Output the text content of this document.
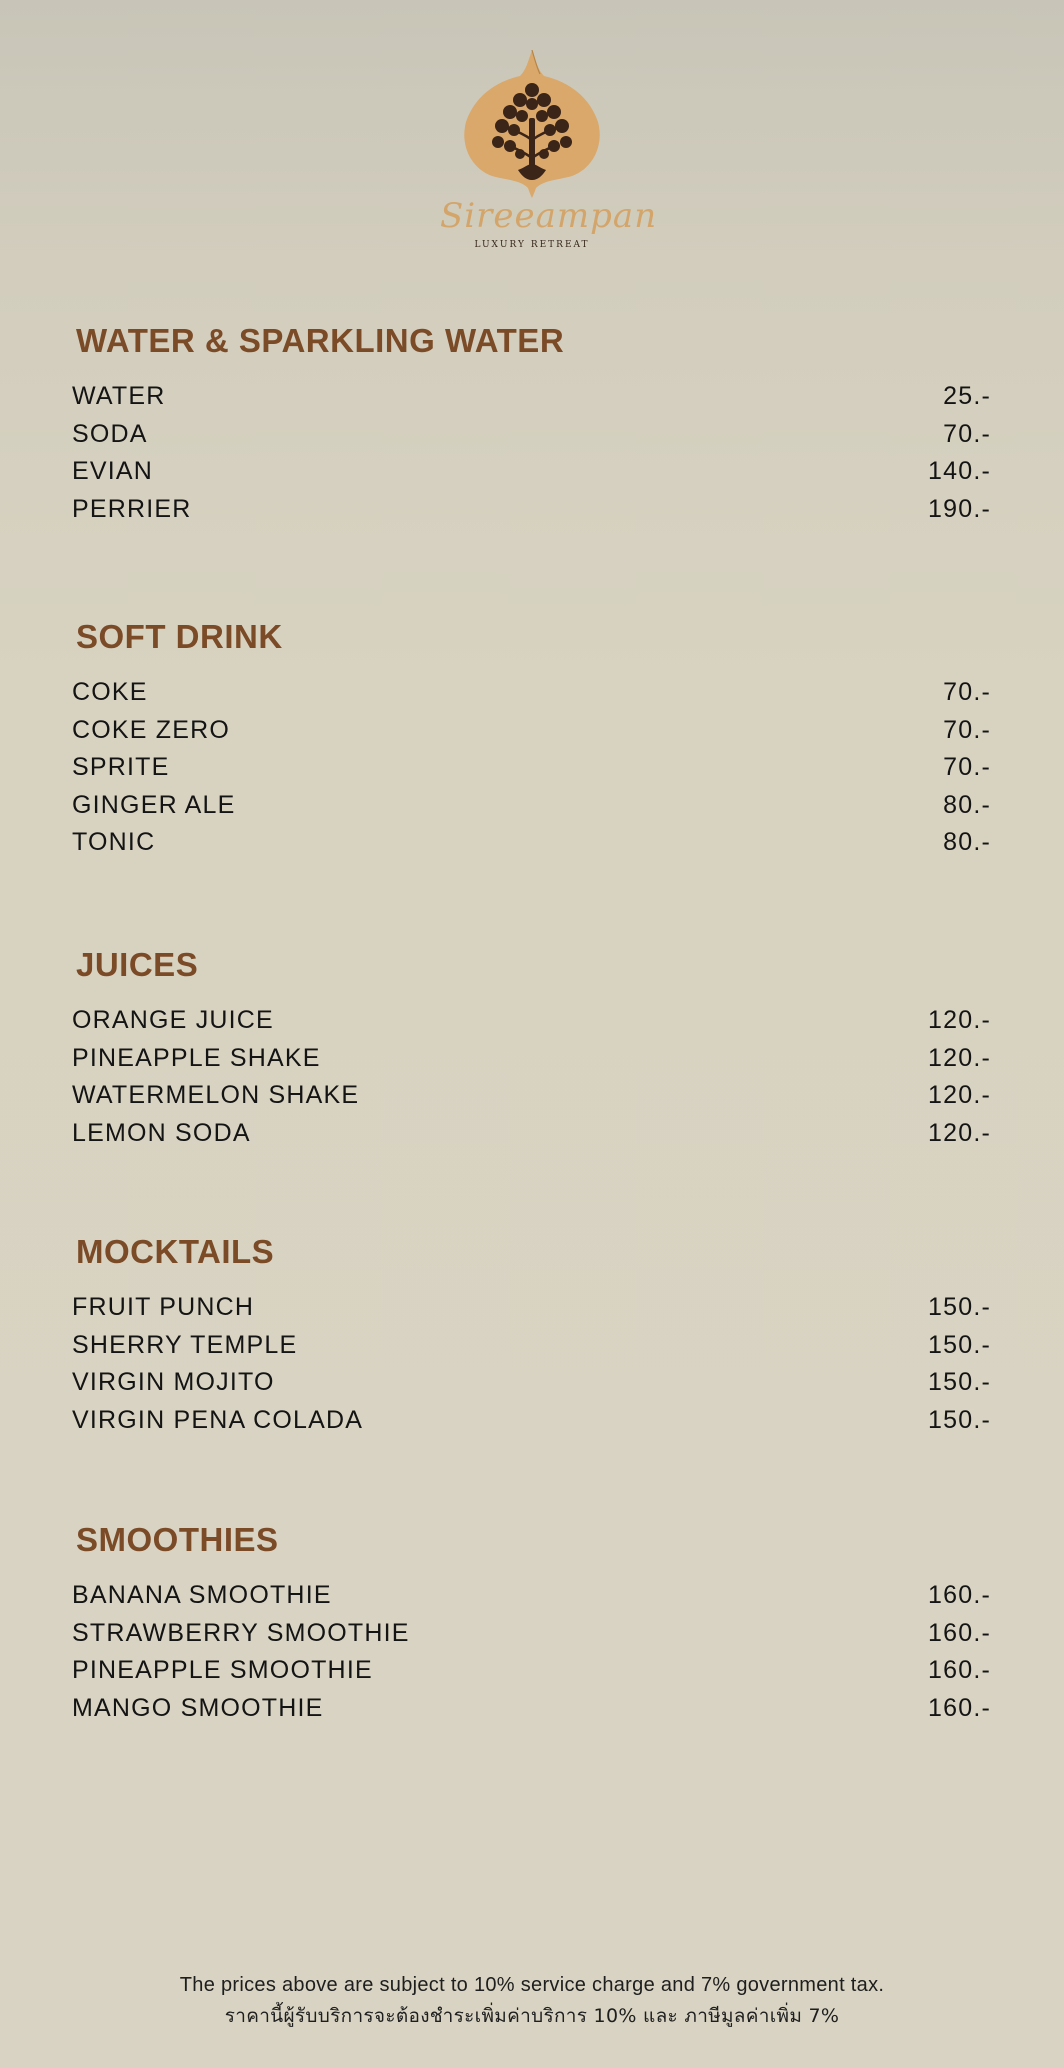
Sireeampan
LUXURY RETREAT
WATER & SPARKLING WATER
WATER	25.-
SODA	70.-
EVIAN	140.-
PERRIER	190.-
SOFT DRINK
COKE	70.-
COKE ZERO	70.-
SPRITE	70.-
GINGER ALE	80.-
TONIC	80.-
JUICES
ORANGE JUICE	120.-
PINEAPPLE SHAKE	120.-
WATERMELON SHAKE	120.-
LEMON SODA	120.-
MOCKTAILS
FRUIT PUNCH	150.-
SHERRY TEMPLE	150.-
VIRGIN MOJITO	150.-
VIRGIN PENA COLADA	150.-
SMOOTHIES
BANANA SMOOTHIE	160.-
STRAWBERRY SMOOTHIE	160.-
PINEAPPLE SMOOTHIE	160.-
MANGO SMOOTHIE	160.-
The prices above are subject to 10% service charge and 7% government tax.
ราคานี้ผู้รับบริการจะต้องชำระเพิ่มค่าบริการ 10% และ ภาษีมูลค่าเพิ่ม 7%
